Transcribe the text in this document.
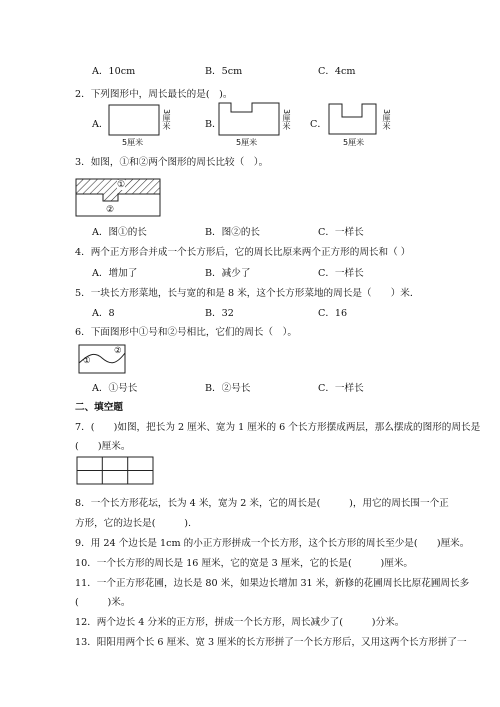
A．10cm	B．5cm	C．4cm
2．下列图形中，周长最长的是(　)。
A．	B．	C．
3厘米
5厘米
3厘米
5厘米
3厘米
5厘米
3．如图，①和②两个图形的周长比较（　）。
①
②
A．图①的长	B．图②的长	C．一样长
4．两个正方形合并成一个长方形后，它的周长比原来两个正方形的周长和（ ）
A．增加了	B．减少了	C．一样长
5．一块长方形菜地，长与宽的和是 8 米，这个长方形菜地的周长是（　　）米．
A．8	B．32	C．16
6．下面图形中①号和②号相比，它们的周长（　）。
①
②
A．①号长	B．②号长	C．一样长
二、填空题
7．(　　)如图，把长为 2 厘米、宽为 1 厘米的 6 个长方形摆成两层，那么摆成的图形的周长是
(　　)厘米。
8．一个长方形花坛，长为 4 米，宽为 2 米，它的周长是(　　　)，用它的周长围一个正
方形，它的边长是(　　　).
9．用 24 个边长是 1cm 的小正方形拼成一个长方形，这个长方形的周长至少是(　　)厘米。
10．一个长方形的周长是 16 厘米，它的宽是 3 厘米，它的长是(　　　)厘米。
11．一个正方形花圃，边长是 80 米，如果边长增加 31 米，新修的花圃周长比原花圃周长多
(　　　)米。
12．两个边长 4 分米的正方形，拼成一个长方形，周长减少了(　　　)分米。
13．阳阳用两个长 6 厘米、宽 3 厘米的长方形拼了一个长方形后，又用这两个长方形拼了一
